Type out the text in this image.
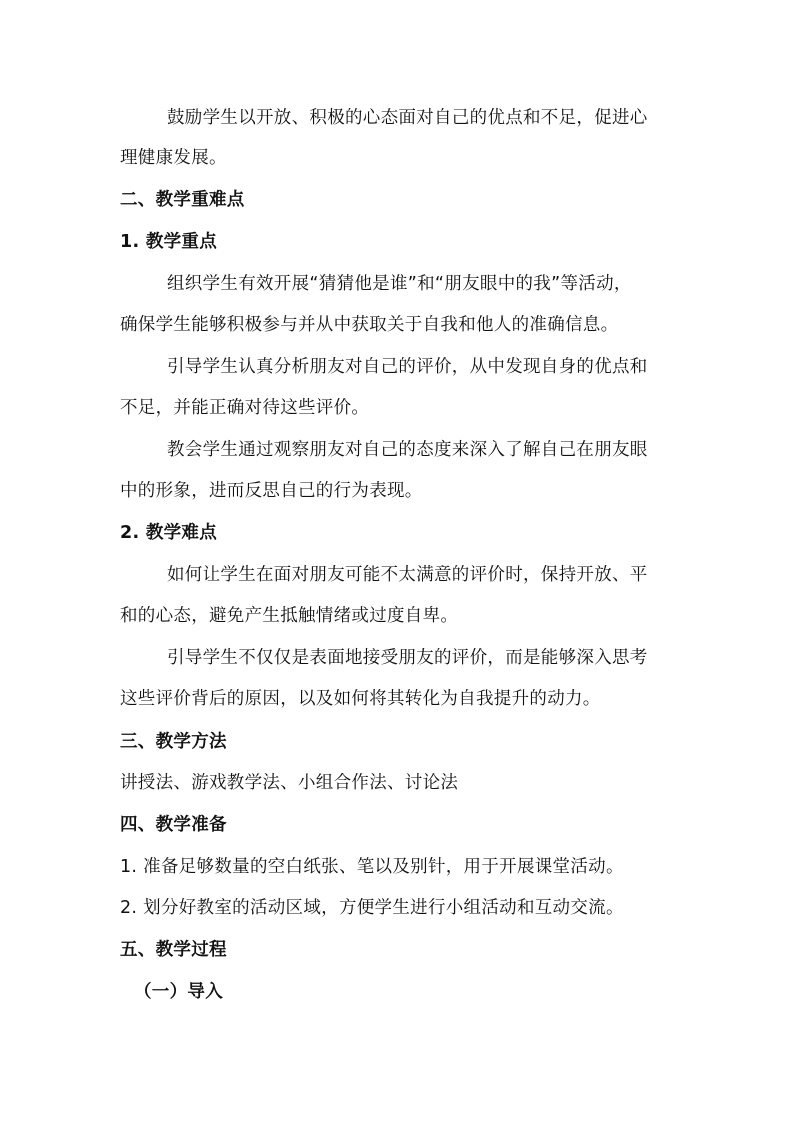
鼓励学生以开放、积极的心态面对自己的优点和不足，促进心
理健康发展。
二、教学重难点
1. 教学重点
组织学生有效开展“猜猜他是谁”和“朋友眼中的我”等活动，
确保学生能够积极参与并从中获取关于自我和他人的准确信息。
引导学生认真分析朋友对自己的评价，从中发现自身的优点和
不足，并能正确对待这些评价。
教会学生通过观察朋友对自己的态度来深入了解自己在朋友眼
中的形象，进而反思自己的行为表现。
2. 教学难点
如何让学生在面对朋友可能不太满意的评价时，保持开放、平
和的心态，避免产生抵触情绪或过度自卑。
引导学生不仅仅是表面地接受朋友的评价，而是能够深入思考
这些评价背后的原因，以及如何将其转化为自我提升的动力。
三、教学方法
讲授法、游戏教学法、小组合作法、讨论法
四、教学准备
1. 准备足够数量的空白纸张、笔以及别针，用于开展课堂活动。
2. 划分好教室的活动区域，方便学生进行小组活动和互动交流。
五、教学过程
（一）导入
